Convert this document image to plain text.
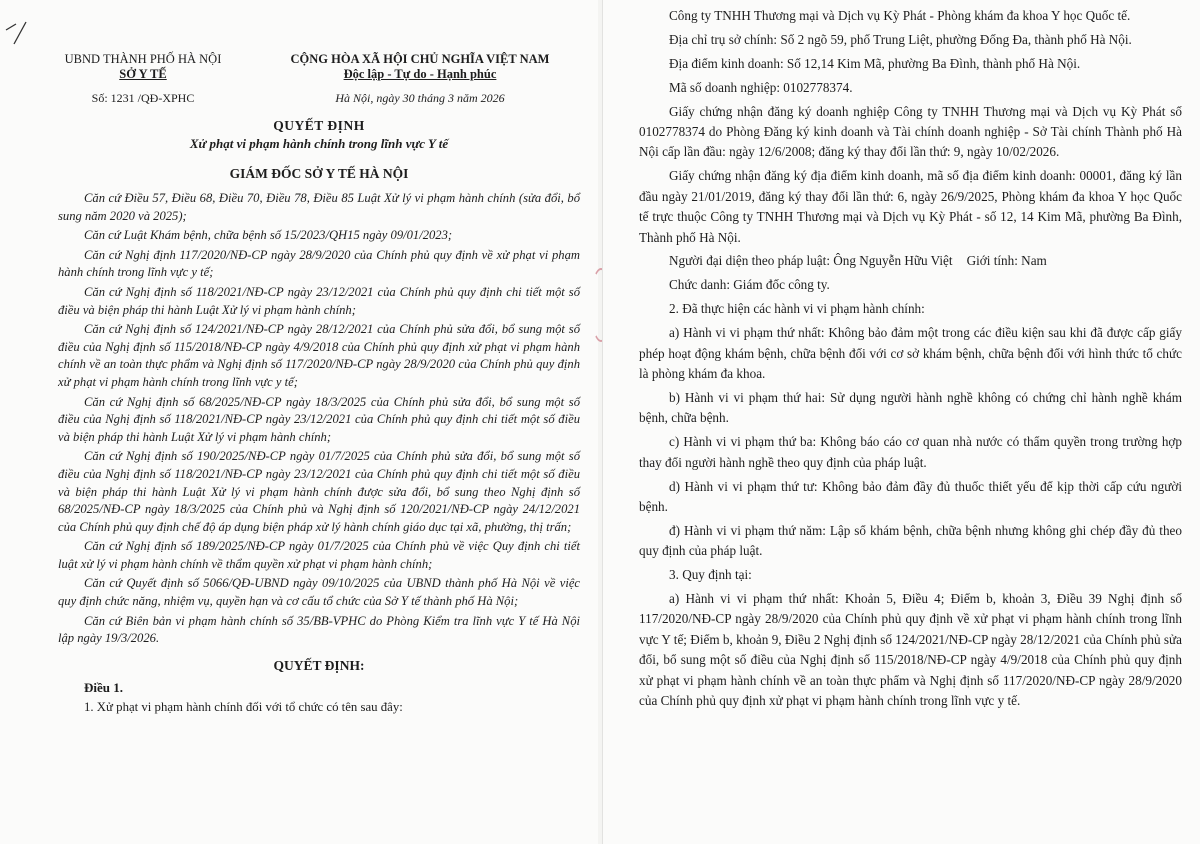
UBND THÀNH PHỐ HÀ NỘI
SỞ Y TẾ
Số: 1231 /QĐ-XPHC
CỘNG HÒA XÃ HỘI CHỦ NGHĨA VIỆT NAM
Độc lập - Tự do - Hạnh phúc
Hà Nội, ngày 30 tháng 3 năm 2026
QUYẾT ĐỊNH
Xử phạt vi phạm hành chính trong lĩnh vực Y tế
GIÁM ĐỐC SỞ Y TẾ HÀ NỘI

Căn cứ Điều 57, Điều 68, Điều 70, Điều 78, Điều 85 Luật Xử lý vi phạm hành chính (sửa đổi, bổ sung năm 2020 và 2025);

Căn cứ Luật Khám bệnh, chữa bệnh số 15/2023/QH15 ngày 09/01/2023;

Căn cứ Nghị định 117/2020/NĐ-CP ngày 28/9/2020 của Chính phủ quy định về xử phạt vi phạm hành chính trong lĩnh vực y tế;

Căn cứ Nghị định số 118/2021/NĐ-CP ngày 23/12/2021 của Chính phủ quy định chi tiết một số điều và biện pháp thi hành Luật Xử lý vi phạm hành chính;

Căn cứ Nghị định số 124/2021/NĐ-CP ngày 28/12/2021 của Chính phủ sửa đổi, bổ sung một số điều của Nghị định số 115/2018/NĐ-CP ngày 4/9/2018 của Chính phủ quy định xử phạt vi phạm hành chính về an toàn thực phẩm và Nghị định số 117/2020/NĐ-CP ngày 28/9/2020 của Chính phủ quy định xử phạt vi phạm hành chính trong lĩnh vực y tế;

Căn cứ Nghị định số 68/2025/NĐ-CP ngày 18/3/2025 của Chính phủ sửa đổi, bổ sung một số điều của Nghị định số 118/2021/NĐ-CP ngày 23/12/2021 của Chính phủ quy định chi tiết một số điều và biện pháp thi hành Luật Xử lý vi phạm hành chính;

Căn cứ Nghị định số 190/2025/NĐ-CP ngày 01/7/2025 của Chính phủ sửa đổi, bổ sung một số điều của Nghị định số 118/2021/NĐ-CP ngày 23/12/2021 của Chính phủ quy định chi tiết một số điều và biện pháp thi hành Luật Xử lý vi phạm hành chính được sửa đổi, bổ sung theo Nghị định số 68/2025/NĐ-CP ngày 18/3/2025 của Chính phủ và Nghị định số 120/2021/NĐ-CP ngày 24/12/2021 của Chính phủ quy định chế độ áp dụng biện pháp xử lý hành chính giáo dục tại xã, phường, thị trấn;

Căn cứ Nghị định số 189/2025/NĐ-CP ngày 01/7/2025 của Chính phủ về việc Quy định chi tiết luật xử lý vi phạm hành chính về thẩm quyền xử phạt vi phạm hành chính;

Căn cứ Quyết định số 5066/QĐ-UBND ngày 09/10/2025 của UBND thành phố Hà Nội về việc quy định chức năng, nhiệm vụ, quyền hạn và cơ cấu tổ chức của Sở Y tế thành phố Hà Nội;

Căn cứ Biên bản vi phạm hành chính số 35/BB-VPHC do Phòng Kiểm tra lĩnh vực Y tế Hà Nội lập ngày 19/3/2026.

QUYẾT ĐỊNH:
Điều 1.
1. Xử phạt vi phạm hành chính đối với tổ chức có tên sau đây:

Công ty TNHH Thương mại và Dịch vụ Kỳ Phát - Phòng khám đa khoa Y học Quốc tế.

Địa chỉ trụ sở chính: Số 2 ngõ 59, phố Trung Liệt, phường Đống Đa, thành phố Hà Nội.

Địa điểm kinh doanh: Số 12,14 Kim Mã, phường Ba Đình, thành phố Hà Nội.

Mã số doanh nghiệp: 0102778374.

Giấy chứng nhận đăng ký doanh nghiệp Công ty TNHH Thương mại và Dịch vụ Kỳ Phát số 0102778374 do Phòng Đăng ký kinh doanh và Tài chính doanh nghiệp - Sở Tài chính Thành phố Hà Nội cấp lần đầu: ngày 12/6/2008; đăng ký thay đổi lần thứ: 9, ngày 10/02/2026.

Giấy chứng nhận đăng ký địa điểm kinh doanh, mã số địa điểm kinh doanh: 00001, đăng ký lần đầu ngày 21/01/2019, đăng ký thay đổi lần thứ: 6, ngày 26/9/2025, Phòng khám đa khoa Y học Quốc tế trực thuộc Công ty TNHH Thương mại và Dịch vụ Kỳ Phát - số 12, 14 Kim Mã, phường Ba Đình, Thành phố Hà Nội.

Người đại diện theo pháp luật: Ông Nguyễn Hữu Việt Giới tính: Nam

Chức danh: Giám đốc công ty.

2. Đã thực hiện các hành vi vi phạm hành chính:

a) Hành vi vi phạm thứ nhất: Không bảo đảm một trong các điều kiện sau khi đã được cấp giấy phép hoạt động khám bệnh, chữa bệnh đối với cơ sở khám bệnh, chữa bệnh đối với hình thức tổ chức là phòng khám đa khoa.

b) Hành vi vi phạm thứ hai: Sử dụng người hành nghề không có chứng chỉ hành nghề khám bệnh, chữa bệnh.

c) Hành vi vi phạm thứ ba: Không báo cáo cơ quan nhà nước có thẩm quyền trong trường hợp thay đổi người hành nghề theo quy định của pháp luật.

d) Hành vi vi phạm thứ tư: Không bảo đảm đầy đủ thuốc thiết yếu để kịp thời cấp cứu người bệnh.

đ) Hành vi vi phạm thứ năm: Lập sổ khám bệnh, chữa bệnh nhưng không ghi chép đầy đủ theo quy định của pháp luật.

3. Quy định tại:

a) Hành vi vi phạm thứ nhất: Khoản 5, Điều 4; Điểm b, khoản 3, Điều 39 Nghị định số 117/2020/NĐ-CP ngày 28/9/2020 của Chính phủ quy định về xử phạt vi phạm hành chính trong lĩnh vực Y tế; Điểm b, khoản 9, Điều 2 Nghị định số 124/2021/NĐ-CP ngày 28/12/2021 của Chính phủ sửa đổi, bổ sung một số điều của Nghị định số 115/2018/NĐ-CP ngày 4/9/2018 của Chính phủ quy định xử phạt vi phạm hành chính về an toàn thực phẩm và Nghị định số 117/2020/NĐ-CP ngày 28/9/2020 của Chính phủ quy định xử phạt vi phạm hành chính trong lĩnh vực y tế.
